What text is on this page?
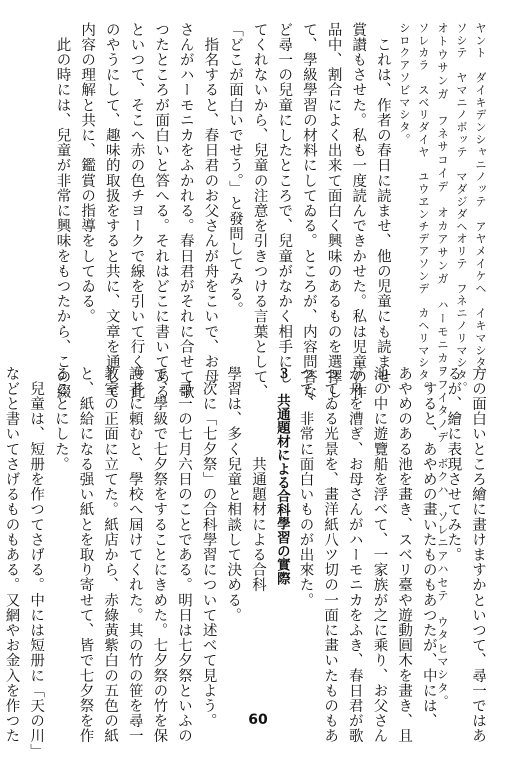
ヤント　ダイキデンシャニノッテ　アヤメイケヘ　イキマシタ。

ソシテ　ヤマニノボッテ　マダジダヘオリテ　フネニノリマシタ。

オトウサンガ　フネサコイデ　オカアサンガ　ハーモニカヲフイタノデ　ボクハ　ソレニアハセテ　ウタヒマシタ。

ソレカラ　スベリダイヤ　ユウヱンチデアソンデ　カヘリマシタ。

シロクアソビマシタ。

　これは、作者の春日に読ませ、他の児童にも読ませ、

賞讃もさせた。私も一度読んできかせた。私は児童の作

品中、割合によく出来て面白く興味のあるものを選擇し

て、學級學習の材料にしてゐる。ところが、内容問答な

ど尋一の兒童にしたところで、兒童がなかく相手にし

てくれないから、兒童の注意を引きつける言葉として、

「どこが面白いでせう。」と發問してみる。

　指名すると、春日君のお父さんが舟をこいで、お母

さんがハーモニカをふかれる。春日君がそれに合せて歌

つたところが面白いと答へる。それはどこに書いてある

といつて、そこへ赤の色チヨークで線を引いて行く。此

のやうにして、趣味的取扱をすると共に、文章を通して

内容の理解と共に、鑑賞の指導をしてゐる。

　此の時には、兒童が非常に興味をもつたから、この綴

方の面白いところ繪に畫けますかといつて、尋一ではあ

るが、繪に表現させてみた。

　すると、あやめの畫いたものもあつたが、中には、

あやめのある池を畫き、スベリ臺や遊動圓木を畫き、且

池の中に遊覽船を浮べて、一家族が之に乘り、お父さん

が舟を漕ぎ、お母さんがハーモニカをふき、春日君が歌

つてゐる光景を、畫洋紙八ツ切の一面に畫いたものもあ

つて、非常に面白いものが出來た。

３　共通題材による合科學習の實際

　　　　　　共通題材による合科

學習は、多く兒童と相談して決める。

　次に「七夕祭」の合科學習について述べて見よう。

　尋一の七月六日のことである。明日は七夕祭といふの

で、學級で七夕祭をすることにきめた。七夕祭の竹を保

護者に頼むと、學校へ屆けてくれた。其の竹の笹を尋一

教室の正面に立てた。紙店から、赤綠黃紫白の五色の紙

と、紙給になる强い紙とを取り寄せて、皆で七夕祭を作

ることにした。

　兒童は、短册を作つてさげる。中には短册に「天の川」

などと書いてさげるものもある。又網やお金入を作つた	60
